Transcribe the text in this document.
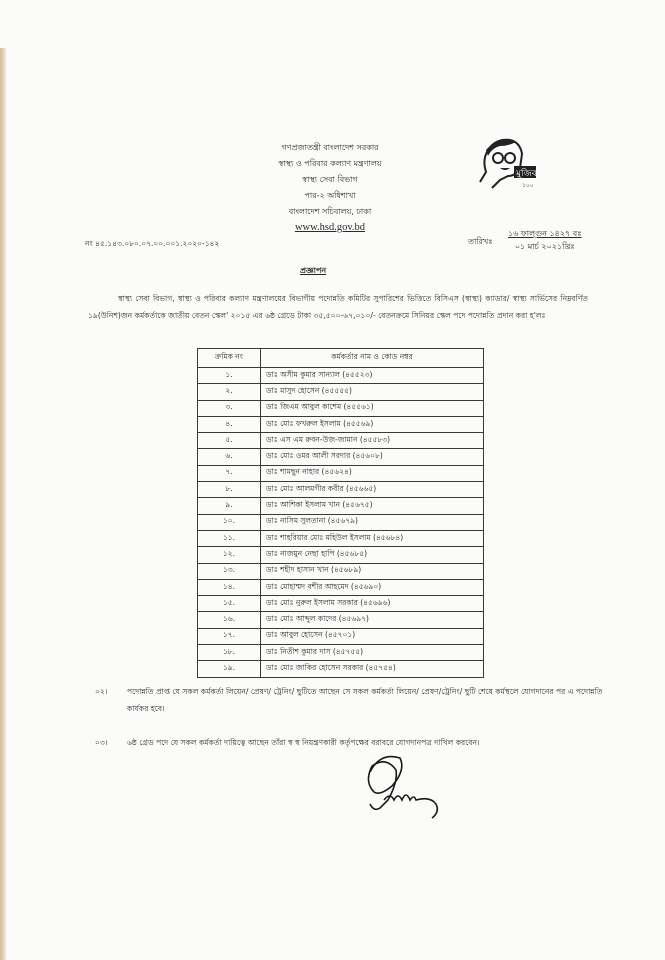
গণপ্রজাতন্ত্রী বাংলাদেশ সরকার
স্বাস্থ্য ও পরিবার কল্যাণ মন্ত্রণালয়
স্বাস্থ্য সেবা বিভাগ
পার-২ অধিশাখা
বাংলাদেশ সচিবালয়, ঢাকা
www.hsd.gov.bd
মুজিব
১০০
নং ৪৫.১৪৩.০৮০.০৭.০০.০০১.২০২০-১৪২	তারিখঃ
১৬ ফাল্গুন ১৪২৭ বঃ
০১ মার্চ ২০২১খ্রিঃ
প্রজ্ঞাপন
স্বাস্থ্য সেবা বিভাগ, স্বাস্থ্য ও পরিবার কল্যাণ মন্ত্রণালয়ের বিভাগীয় পদোন্নতি কমিটির সুপারিশের ভিত্তিতে বিসিএস (স্বাস্থ্য) ক্যাডার/ স্বাস্থ্য সার্ভিসের নিম্নবর্ণিত ১৯(উনিশ)জন কর্মকর্তাকে জাতীয় বেতন স্কেল' ২০১৫ এর ৬ষ্ঠ গ্রেডে টাকা ৩৫,৫০০-৬৭,০১০/- বেতনক্রমে সিনিয়র স্কেল পদে পদোন্নতি প্রদান করা হ'লঃ
ক্রমিক নং	কর্মকর্তার নাম ও কোড নম্বর
১.	ডাঃ অসীম কুমার সান্যাল (৪৫৫২৩)
২.	ডাঃ মাসুদ হোসেন (৪৫৫৫৫)
৩.	ডাঃ জিএম আবুল কাশেম (৪৫৫৬১)
৪.	ডাঃ মোঃ ফখরুল ইসলাম (৪৫৫৬৯)
৫.	ডাঃ এস এম রুবন-উজ-জামান (৪৫৫৮৩)
৬.	ডাঃ মোঃ ওমর আলী সরদার (৪৫৬০৮)
৭.	ডাঃ শামছুন নাহার (৪৫৬২৪)
৮.	ডাঃ মোঃ আলমগীর কবীর (৪৫৬৬৫)
৯.	ডাঃ আশিকা ইসলাম খান (৪৫৬৭৫)
১০.	ডাঃ নাসিম সুলতানা (৪৫৬৭৯)
১১.	ডাঃ শাহরিয়ার মোঃ মহিউল ইসলাম (৪৫৬৮৪)
১২.	ডাঃ নাজমুন নেছা হাপি (৪৫৬৮৫)
১৩.	ডাঃ শহীদ হাসান খান (৪৫৬৮৯)
১৪.	ডাঃ মোহাম্মদ বশীর আহমেদ (৪৫৬৯০)
১৫.	ডাঃ মোঃ নুরুল ইসলাম সরকার (৪৫৬৯৬)
১৬.	ডাঃ মোঃ আব্দুল কাদের (৪৫৬৯৭)
১৭.	ডাঃ আবুল হোসেন (৪৫৭০১)
১৮.	ডাঃ নিতীশ কুমার দাস (৪৫৭৫৫)
১৯.	ডাঃ মোঃ জাকির হোসেন সরকার (৪৫৭৫৪)
০২।	পদোন্নতি প্রাপ্ত যে সকল কর্মকর্তা লিয়েন/ প্রেষণ/ ট্রেনিং/ ছুটিতে আছেন সে সকল কর্মকর্তা লিয়েন/ প্রেষণ/ট্রেনিং/ ছুটি শেষে কর্মস্থলে যোগদানের পর এ পদোন্নতি কার্যকর হবে।
০৩।	৬ষ্ঠ গ্রেড পদে যে সকল কর্মকর্তা দায়িত্বে আছেন তাঁরা স্ব স্ব নিয়ন্ত্রণকারী কর্তৃপক্ষের বরাবরে যোগদানপত্র দাখিল করবেন।
